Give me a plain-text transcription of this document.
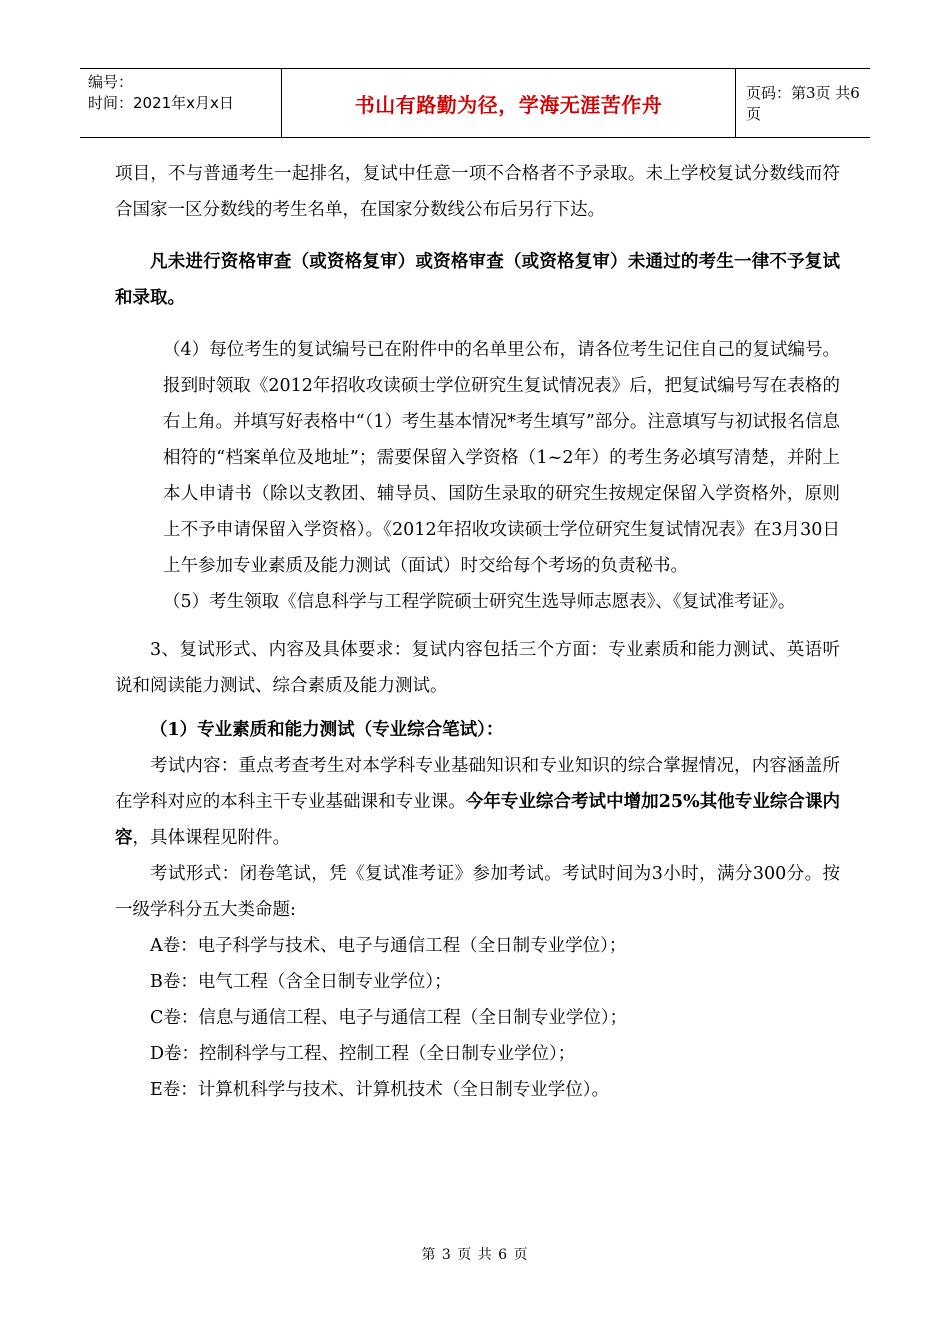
编号：
时间：2021年x月x日	书山有路勤为径，学海无涯苦作舟	页码：第3页 共6页

项目，不与普通考生一起排名，复试中任意一项不合格者不予录取。未上学校复试分数线而符合国家一区分数线的考生名单，在国家分数线公布后另行下达。

凡未进行资格审查（或资格复审）或资格审查（或资格复审）未通过的考生一律不予复试和录取。

（4）每位考生的复试编号已在附件中的名单里公布，请各位考生记住自己的复试编号。报到时领取《2012年招收攻读硕士学位研究生复试情况表》后，把复试编号写在表格的右上角。并填写好表格中“（1）考生基本情况*考生填写”部分。注意填写与初试报名信息相符的“档案单位及地址”；需要保留入学资格（1~2年）的考生务必填写清楚，并附上本人申请书（除以支教团、辅导员、国防生录取的研究生按规定保留入学资格外，原则上不予申请保留入学资格）。《2012年招收攻读硕士学位研究生复试情况表》在3月30日上午参加专业素质及能力测试（面试）时交给每个考场的负责秘书。

（5）考生领取《信息科学与工程学院硕士研究生选导师志愿表》、《复试准考证》。

3、复试形式、内容及具体要求：复试内容包括三个方面：专业素质和能力测试、英语听说和阅读能力测试、综合素质及能力测试。

（1）专业素质和能力测试（专业综合笔试）：

考试内容：重点考查考生对本学科专业基础知识和专业知识的综合掌握情况，内容涵盖所在学科对应的本科主干专业基础课和专业课。今年专业综合考试中增加25%其他专业综合课内容，具体课程见附件。

考试形式：闭卷笔试，凭《复试准考证》参加考试。考试时间为3小时，满分300分。按一级学科分五大类命题:

A卷：电子科学与技术、电子与通信工程（全日制专业学位）；

B卷：电气工程（含全日制专业学位）；

C卷：信息与通信工程、电子与通信工程（全日制专业学位）；

D卷：控制科学与工程、控制工程（全日制专业学位）；

E卷：计算机科学与技术、计算机技术（全日制专业学位）。

第 3 页 共 6 页
